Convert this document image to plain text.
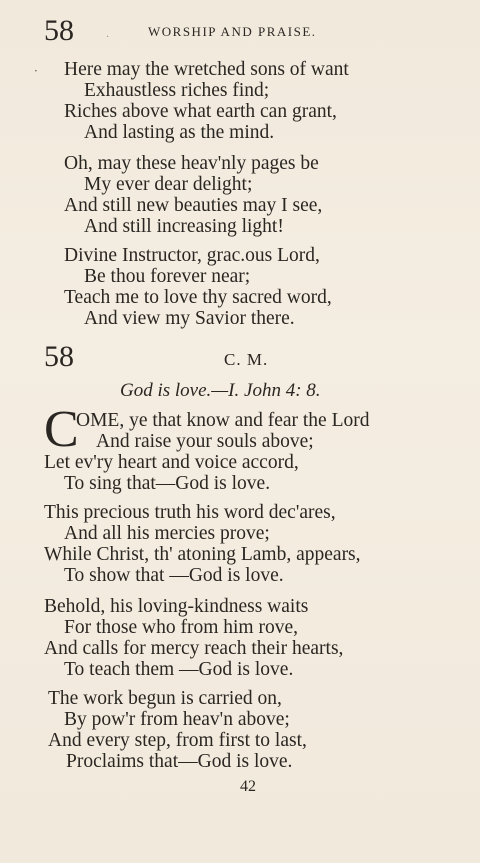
58	·	WORSHIP AND PRAISE.
· Here may the wretched sons of want
Exhaustless riches find;
Riches above what earth can grant,
And lasting as the mind.
Oh, may these heav'nly pages be
My ever dear delight;
And still new beauties may I see,
And still increasing light!
Divine Instructor, grac.ous Lord,
Be thou forever near;
Teach me to love thy sacred word,
And view my Savior there.
58	C. M.
God is love.—I. John 4: 8.
C
OME, ye that know and fear the Lord
And raise your souls above;
Let ev'ry heart and voice accord,
To sing that—God is love.
This precious truth his word dec'ares,
And all his mercies prove;
While Christ, th' atoning Lamb, appears,
To show that —God is love.
Behold, his loving-kindness waits
For those who from him rove,
And calls for mercy reach their hearts,
To teach them —God is love.
The work begun is carried on,
By pow'r from heav'n above;
And every step, from first to last,
Proclaims that—God is love.
42
